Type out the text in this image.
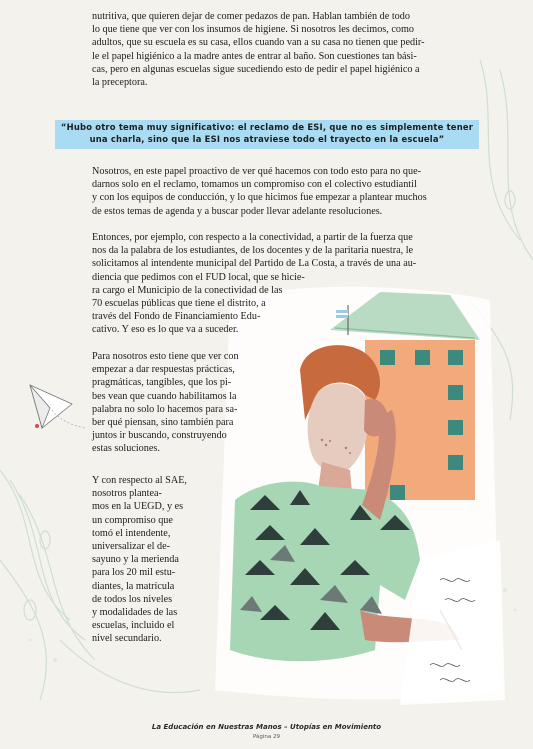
nutritiva, que quieren dejar de comer pedazos de pan. Hablan también de todo
lo que tiene que ver con los insumos de higiene. Si nosotros les decimos, como
adultos, que su escuela es su casa, ellos cuando van a su casa no tienen que pedir-
le el papel higiénico a la madre antes de entrar al baño. Son cuestiones tan bási-
cas, pero en algunas escuelas sigue sucediendo esto de pedir el papel higiénico a
la preceptora.

“Hubo otro tema muy significativo: el reclamo de ESI, que no es simplemente tener
una charla, sino que la ESI nos atraviese todo el trayecto en la escuela”

Nosotros, en este papel proactivo de ver qué hacemos con todo esto para no que-
darnos solo en el reclamo, tomamos un compromiso con el colectivo estudiantil
y con los equipos de conducción, y lo que hicimos fue empezar a plantear muchos
de estos temas de agenda y a buscar poder llevar adelante resoluciones.

Entonces, por ejemplo, con respecto a la conectividad, a partir de la fuerza que
nos da la palabra de los estudiantes, de los docentes y de la paritaria nuestra, le
solicitamos al intendente municipal del Partido de La Costa, a través de una au-
diencia que pedimos con el FUD local, que se hicie-
ra cargo el Municipio de la conectividad de las
70 escuelas públicas que tiene el distrito, a
través del Fondo de Financiamiento Edu-
cativo. Y eso es lo que va a suceder.

Para nosotros esto tiene que ver con
empezar a dar respuestas prácticas,
pragmáticas, tangibles, que los pi-
bes vean que cuando habilitamos la
palabra no solo lo hacemos para sa-
ber qué piensan, sino también para
juntos ir buscando, construyendo
estas soluciones.

Y con respecto al SAE,
nosotros planteа-
mos en la UEGD, y es
un compromiso que
tomó el intendente,
universalizar el de-
sayuno y la merienda
para los 20 mil estu-
diantes, la matrícula
de todos los niveles
y modalidades de las
escuelas, incluido el
nivel secundario.

La Educación en Nuestras Manos – Utopías en Movimiento
Página 29
